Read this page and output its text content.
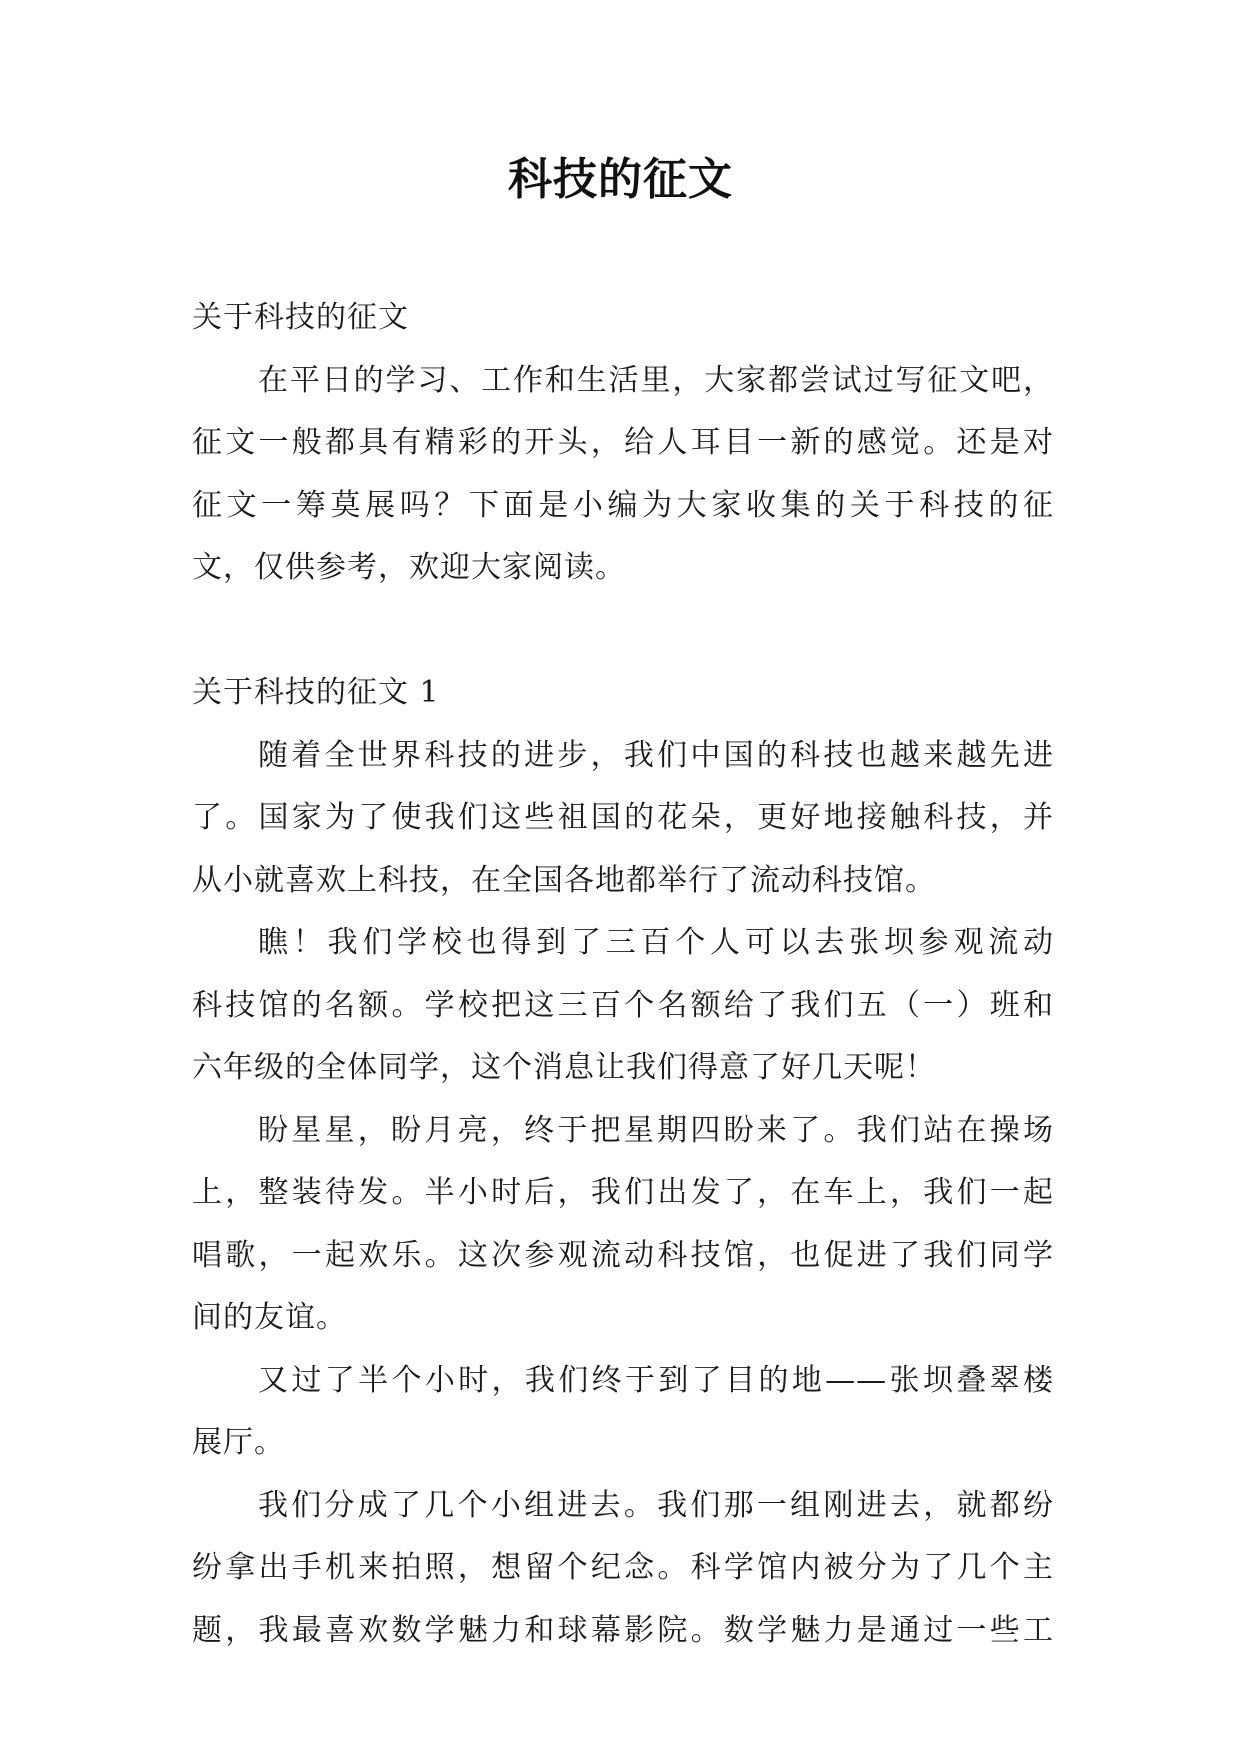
科技的征文
关于科技的征文
在平日的学习、工作和生活里，大家都尝试过写征文吧，
征文一般都具有精彩的开头，给人耳目一新的感觉。还是对
征文一筹莫展吗？下面是小编为大家收集的关于科技的征
文，仅供参考，欢迎大家阅读。
关于科技的征文 1
随着全世界科技的进步，我们中国的科技也越来越先进
了。国家为了使我们这些祖国的花朵，更好地接触科技，并
从小就喜欢上科技，在全国各地都举行了流动科技馆。
瞧！我们学校也得到了三百个人可以去张坝参观流动
科技馆的名额。学校把这三百个名额给了我们五（一）班和
六年级的全体同学，这个消息让我们得意了好几天呢！
盼星星，盼月亮，终于把星期四盼来了。我们站在操场
上，整装待发。半小时后，我们出发了，在车上，我们一起
唱歌，一起欢乐。这次参观流动科技馆，也促进了我们同学
间的友谊。
又过了半个小时，我们终于到了目的地——张坝叠翠楼
展厅。
我们分成了几个小组进去。我们那一组刚进去，就都纷
纷拿出手机来拍照，想留个纪念。科学馆内被分为了几个主
题，我最喜欢数学魅力和球幕影院。数学魅力是通过一些工
